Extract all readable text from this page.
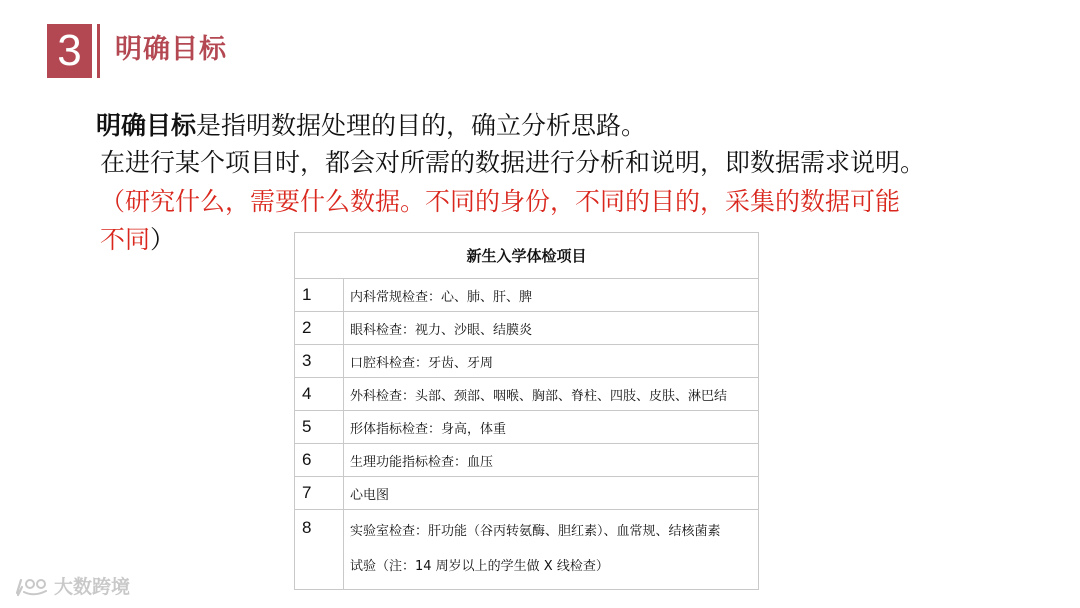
3	明确目标
明确目标是指明数据处理的目的，确立分析思路。
在进行某个项目时，都会对所需的数据进行分析和说明，即数据需求说明。
（研究什么，需要什么数据。不同的身份，不同的目的，采集的数据可能
不同）
新生入学体检项目	
1	内科常规检查：心、肺、肝、脾
2	眼科检查：视力、沙眼、结膜炎
3	口腔科检查：牙齿、牙周
4	外科检查：头部、颈部、咽喉、胸部、脊柱、四肢、皮肤、淋巴结
5	形体指标检查：身高，体重
6	生理功能指标检查：血压
7	心电图
8	实验室检查：肝功能（谷丙转氨酶、胆红素）、血常规、结核菌素
试验（注：14 周岁以上的学生做 X 线检查）
大数跨境
